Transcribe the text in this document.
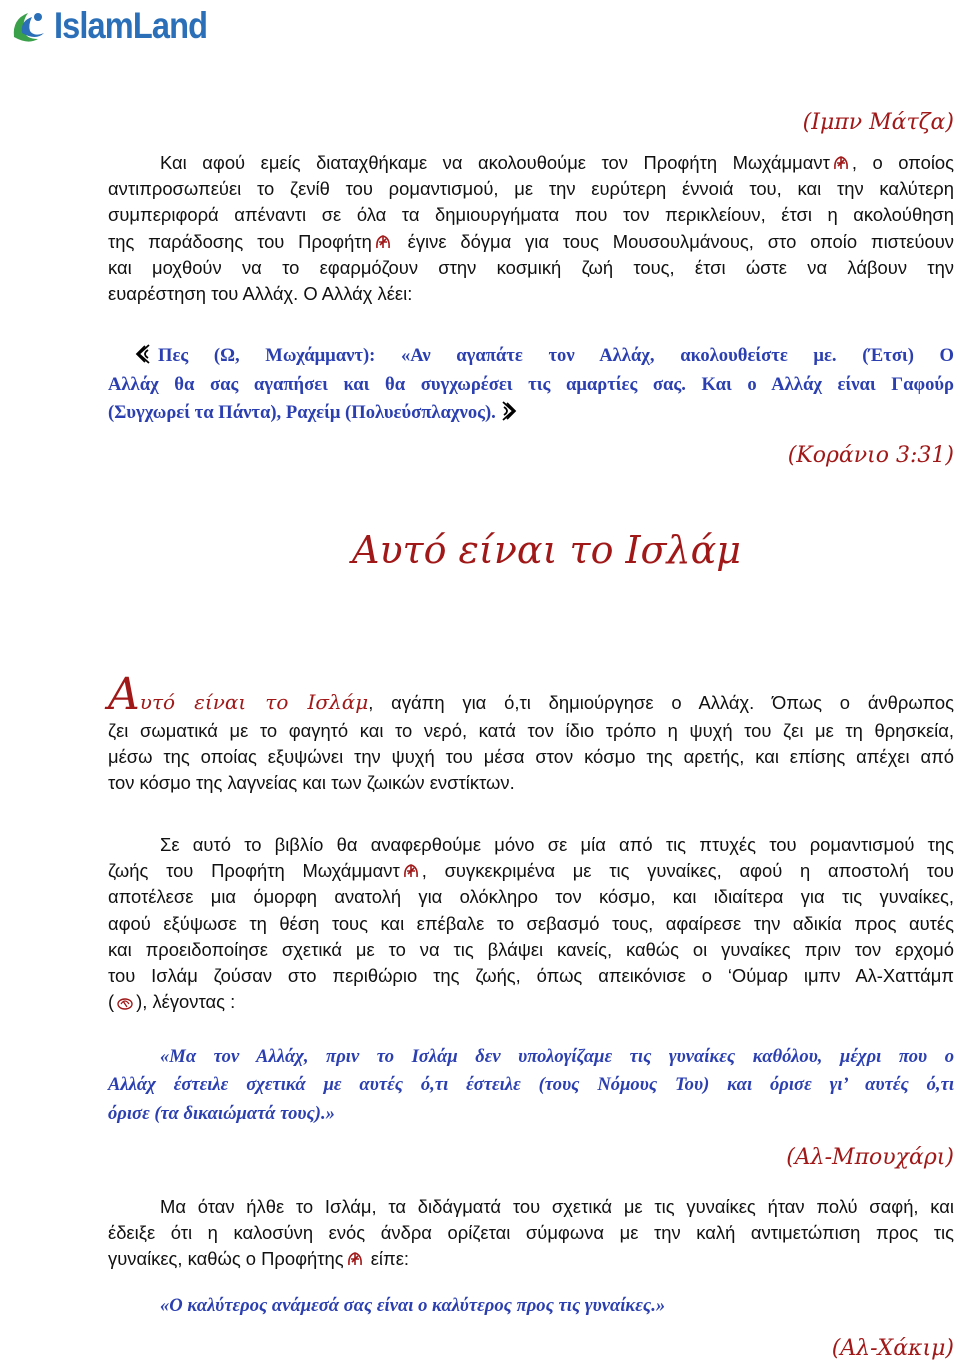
IslamLand
(Ιμπν Μάτζα)
Και αφού εμείς διαταχθήκαμε να ακολουθούμε τον Προφήτη Μωχάμμαντ , ο οποίος
αντιπροσωπεύει το ζενίθ του ρομαντισμού, με την ευρύτερη έννοιά του, και την καλύτερη
συμπεριφορά απέναντι σε όλα τα δημιουργήματα που τον περικλείουν, έτσι η ακολούθηση
της παράδοσης του Προφήτη έγινε δόγμα για τους Μουσουλμάνους, στο οποίο πιστεύουν
και μοχθούν να το εφαρμόζουν στην κοσμική ζωή τους, έτσι ώστε να λάβουν την
ευαρέστηση του Αλλάχ. Ο Αλλάχ λέει:
Πες (Ω, Μωχάμμαντ): «Αν αγαπάτε τον Αλλάχ, ακολουθείστε με. (Έτσι) Ο
Αλλάχ θα σας αγαπήσει και θα συγχωρέσει τις αμαρτίες σας. Και ο Αλλάχ είναι Γαφούρ
(Συγχωρεί τα Πάντα), Ραχείμ (Πολυεύσπλαχνος).
(Κοράνιο 3:31)
Αυτό είναι το Ισλάμ
Αυτό είναι το Ισλάμ, αγάπη για ό,τι δημιούργησε ο Αλλάχ. Όπως ο άνθρωπος
ζει σωματικά με το φαγητό και το νερό, κατά τον ίδιο τρόπο η ψυχή του ζει με τη θρησκεία,
μέσω της οποίας εξυψώνει την ψυχή του μέσα στον κόσμο της αρετής, και επίσης απέχει από
τον κόσμο της λαγνείας και των ζωικών ενστίκτων.
Σε αυτό το βιβλίο θα αναφερθούμε μόνο σε μία από τις πτυχές του ρομαντισμού της
ζωής του Προφήτη Μωχάμμαντ , συγκεκριμένα με τις γυναίκες, αφού η αποστολή του
αποτέλεσε μια όμορφη ανατολή για ολόκληρο τον κόσμο, και ιδιαίτερα για τις γυναίκες,
αφού εξύψωσε τη θέση τους και επέβαλε το σεβασμό τους, αφαίρεσε την αδικία προς αυτές
και προειδοποίησε σχετικά με το να τις βλάψει κανείς, καθώς οι γυναίκες πριν τον ερχομό
του Ισλάμ ζούσαν στο περιθώριο της ζωής, όπως απεικόνισε ο ‘Ούμαρ ιμπν Αλ-Χαττάμπ
( ), λέγοντας :
«Μα τον Αλλάχ, πριν το Ισλάμ δεν υπολογίζαμε τις γυναίκες καθόλου, μέχρι που ο
Αλλάχ έστειλε σχετικά με αυτές ό,τι έστειλε (τους Νόμους Του) και όρισε γι’ αυτές ό,τι
όρισε (τα δικαιώματά τους).»
(Αλ-Μπουχάρι)
Μα όταν ήλθε το Ισλάμ, τα διδάγματά του σχετικά με τις γυναίκες ήταν πολύ σαφή, και
έδειξε ότι η καλοσύνη ενός άνδρα ορίζεται σύμφωνα με την καλή αντιμετώπιση προς τις
γυναίκες, καθώς ο Προφήτης είπε:
«Ο καλύτερος ανάμεσά σας είναι ο καλύτερος προς τις γυναίκες.»
(Αλ-Χάκιμ)
